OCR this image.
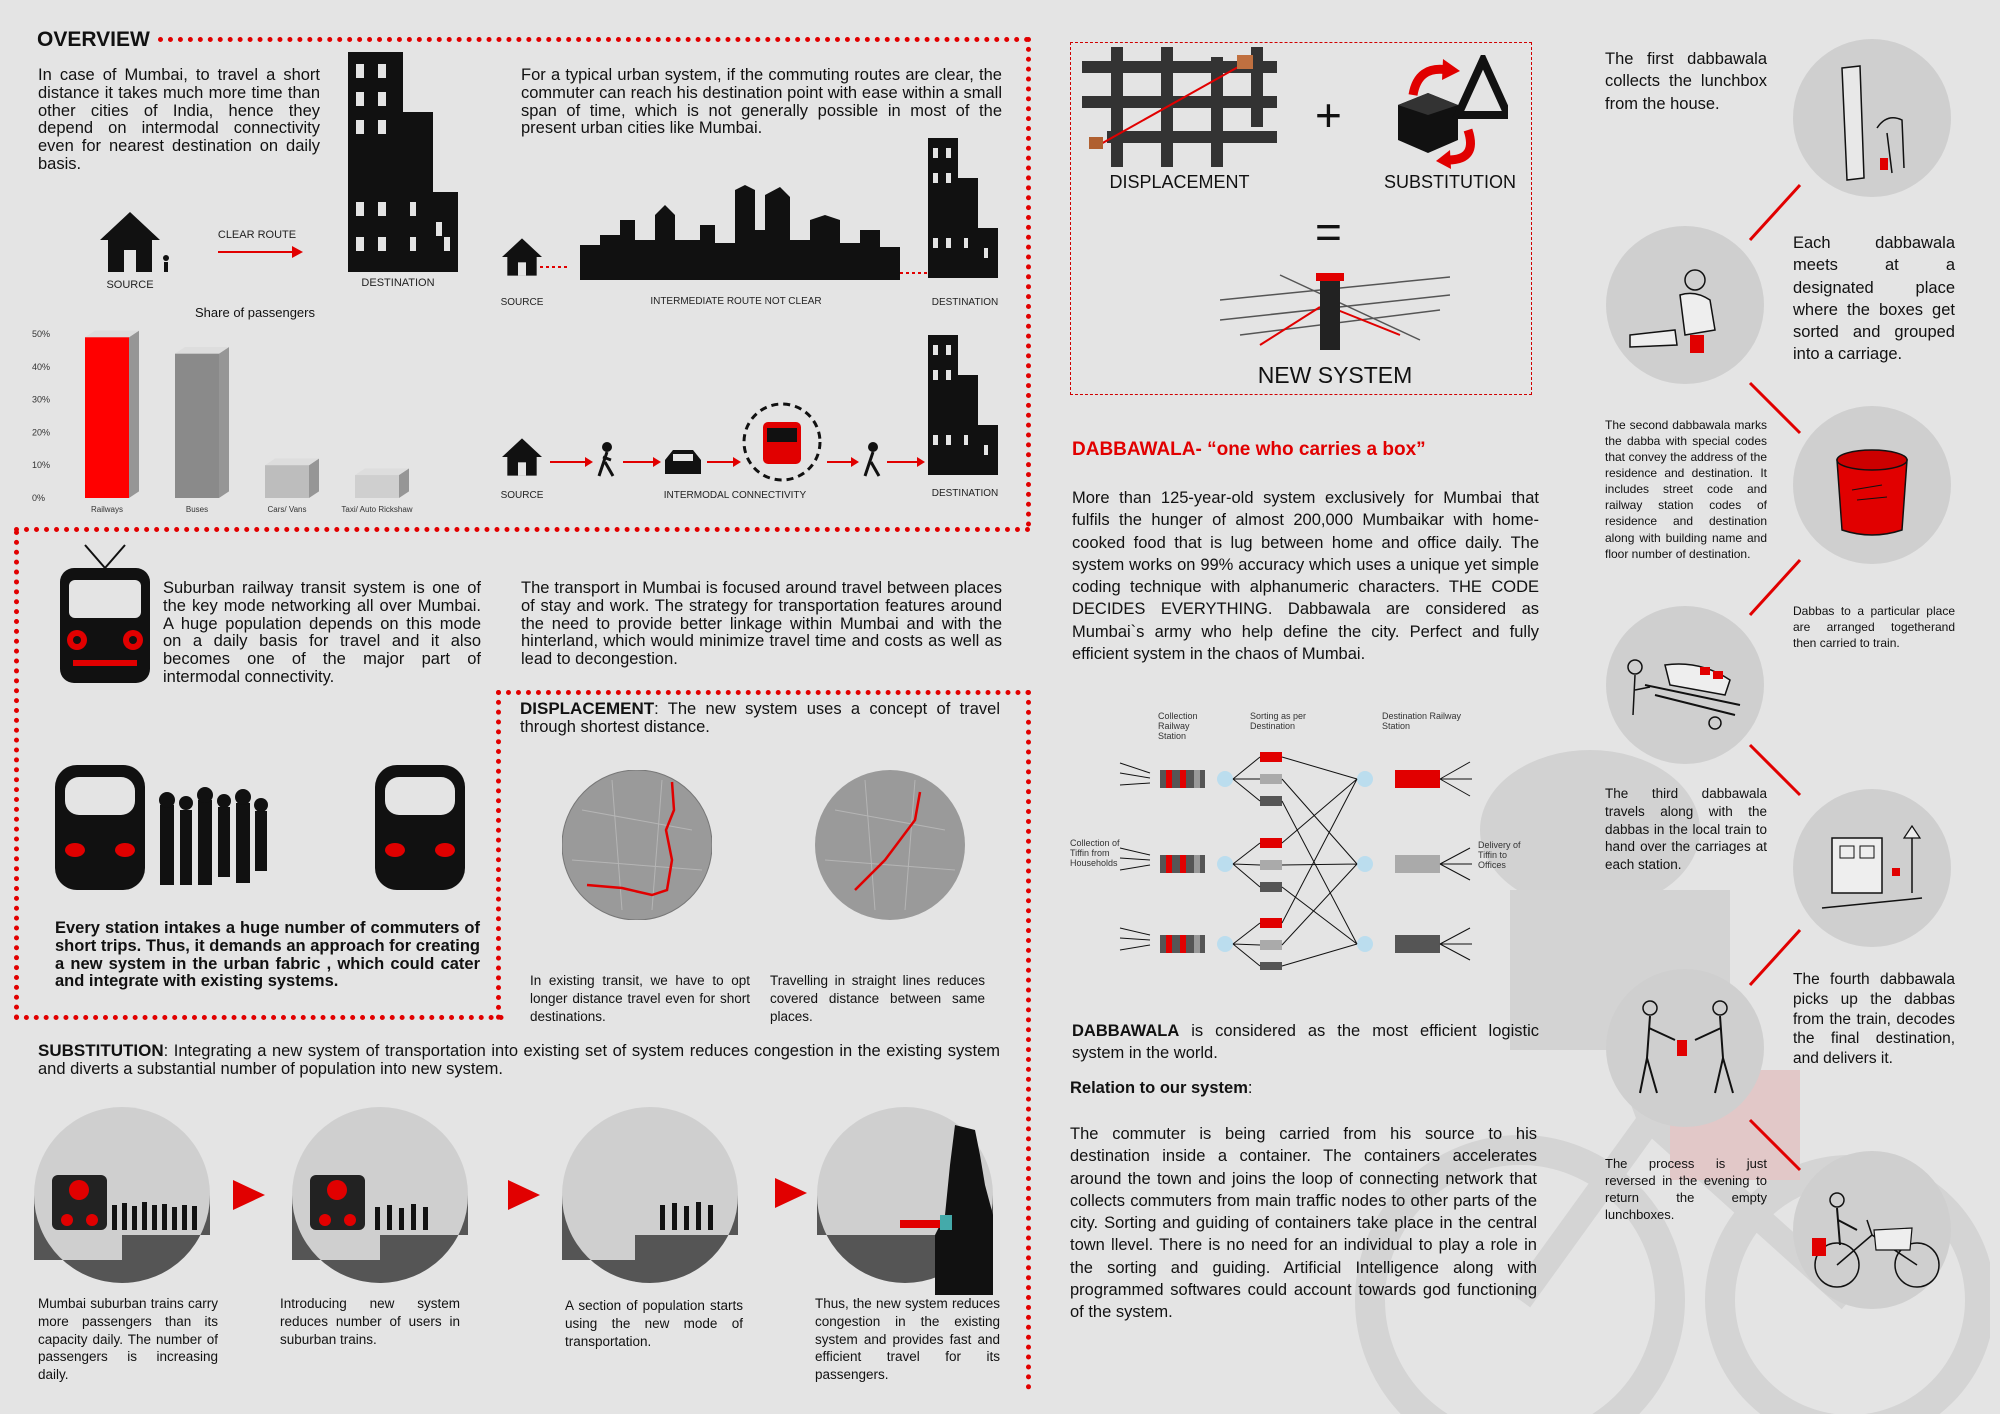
OVERVIEW
In case of Mumbai, to travel a short distance it takes much more time than other cities of India, hence they depend on intermodal connectivity even for nearest destination on daily basis.
SOURCE
CLEAR ROUTE
DESTINATION
Share of passengers
0%
10%
20%
30%
40%
50%
Railways	Buses	Cars/ Vans	Taxi/ Auto Rickshaw
For a typical urban system, if the commuting routes are clear, the commuter can reach his destination point with ease within a small span of time, which is not generally possible in most of the present urban cities like Mumbai.
SOURCE	INTERMEDIATE ROUTE NOT CLEAR	DESTINATION
SOURCE	INTERMODAL CONNECTIVITY	DESTINATION
Suburban railway transit system is one of the key mode networking all over Mumbai. A huge population depends on this mode on a daily basis for travel and it also becomes one of the major part of intermodal connectivity.
The transport in Mumbai is focused around travel between places of stay and work. The strategy for transportation features around the need to provide better linkage within Mumbai and with the hinterland, which would minimize travel time and costs as well as lead to decongestion.
Every station intakes a huge number of commuters of short trips. Thus, it demands an approach for creating a new system in the urban fabric , which could cater and integrate with existing systems.
DISPLACEMENT: The new system uses a concept of travel through shortest distance.
In existing transit, we have to opt longer distance travel even for short destinations.
Travelling in straight lines reduces covered distance between same places.
SUBSTITUTION: Integrating a new system of transportation into existing set of system reduces congestion in the existing system and diverts a substantial number of population into new system.
Mumbai suburban trains carry more passengers than its capacity daily. The number of passengers is increasing daily.
Introducing new system reduces number of users in suburban trains.
A section of population starts using the new mode of transportation.
Thus, the new system reduces congestion in the existing system and provides fast and efficient travel for its passengers.
DISPLACEMENT
+
SUBSTITUTION
=
NEW SYSTEM
DABBAWALA- “one who carries a box”
More than 125-year-old system exclusively for Mumbai that fulfils the hunger of almost 200,000 Mumbaikar with home-cooked food that is lug between home and office daily. The system works on 99% accuracy which uses a unique yet simple coding technique with alphanumeric characters. THE CODE DECIDES EVERYTHING. Dabbawala are considered as Mumbai`s army who help define the city. Perfect and fully efficient system in the chaos of Mumbai.
Collection Railway Station
Sorting as per Destination
Destination Railway Station
Collection of Tiffin from Households
Delivery of Tiffin to Offices
DABBAWALA is considered as the most efficient logistic system in the world.
Relation to our system:
The commuter is being carried from his source to his destination inside a container. The containers accelerates around the town and joins the loop of connecting network that collects commuters from main traffic nodes to other parts of the city. Sorting and guiding of containers take place in the central town llevel. There is no need for an individual to play a role in the sorting and guiding. Artificial Intelligence along with programmed softwares could account towards god functioning of the system.
The first dabbawala collects the lunchbox from the house.
Each dabbawala meets at a designated place where the boxes get sorted and grouped into a carriage.
The second dabbawala marks the dabba with special codes that convey the address of the residence and destination. It includes street code and railway station codes of residence and destination along with building name and floor number of destination.
Dabbas to a particular place are arranged togetherand then carried to train.
The third dabbawala travels along with the dabbas in the local train to hand over the carriages at each station.
The fourth dabbawala picks up the dabbas from the train, decodes the final destination, and delivers it.
The process is just reversed in the evening to return the empty lunchboxes.
